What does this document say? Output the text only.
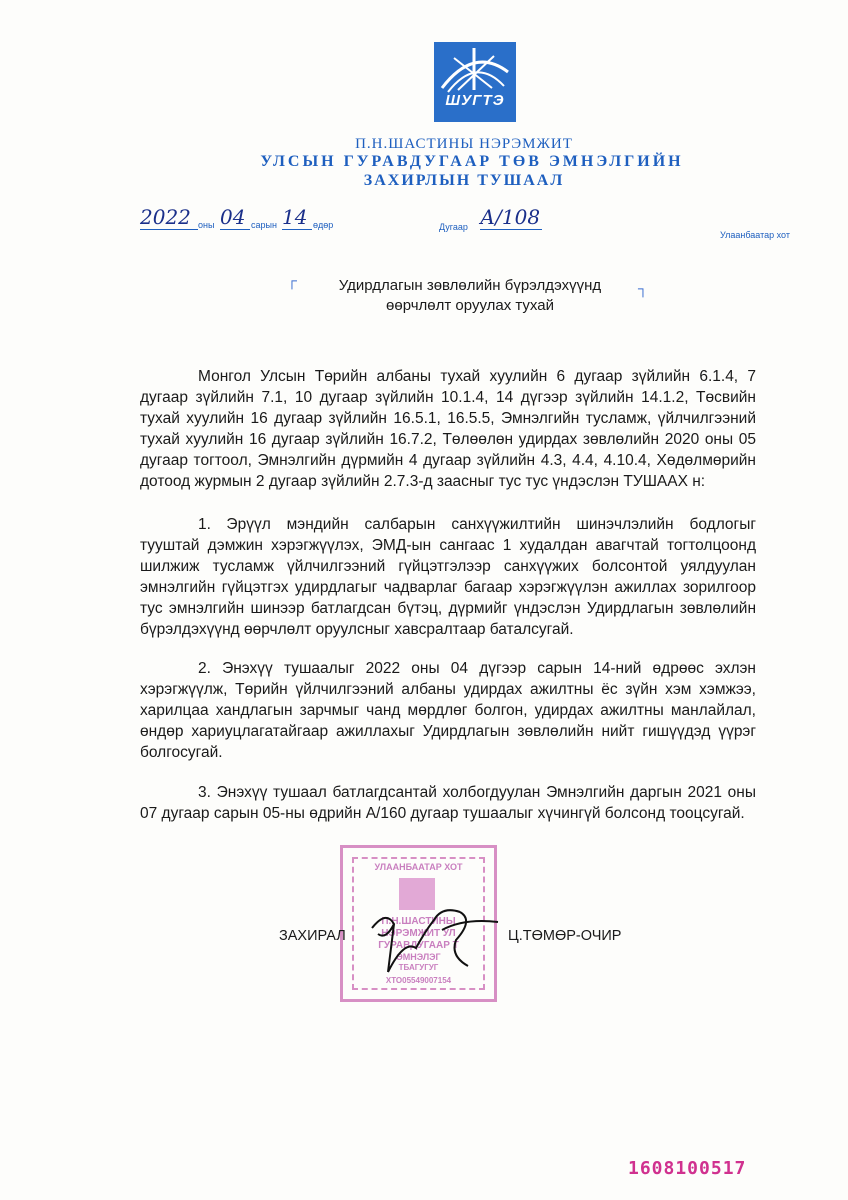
ШУГТЭ
П.Н.ШАСТИНЫ НЭРЭМЖИТ
УЛСЫН ГУРАВДУГААР ТӨВ ЭМНЭЛГИЙН
ЗАХИРЛЫН ТУШААЛ
2022 оны 04 сарын 14 өдөр	Дугаар А/108
Улаанбаатар хот
┌	┐
Удирдлагын зөвлөлийн бүрэлдэхүүнд
өөрчлөлт оруулах тухай
Монгол Улсын Төрийн албаны тухай хуулийн 6 дугаар зүйлийн 6.1.4, 7 дугаар зүйлийн 7.1, 10 дугаар зүйлийн 10.1.4, 14 дүгээр зүйлийн 14.1.2, Төсвийн тухай хуулийн 16 дугаар зүйлийн 16.5.1, 16.5.5, Эмнэлгийн тусламж, үйлчилгээний тухай хуулийн 16 дугаар зүйлийн 16.7.2, Төлөөлөн удирдах зөвлөлийн 2020 оны 05 дугаар тогтоол, Эмнэлгийн дүрмийн 4 дугаар зүйлийн 4.3, 4.4, 4.10.4, Хөдөлмөрийн дотоод журмын 2 дугаар зүйлийн 2.7.3-д заасныг тус тус үндэслэн ТУШААХ н:
1. Эрүүл мэндийн салбарын санхүүжилтийн шинэчлэлийн бодлогыг тууштай дэмжин хэрэгжүүлэх, ЭМД-ын сангаас 1 худалдан авагчтай тогтолцоонд шилжиж тусламж үйлчилгээний гүйцэтгэлээр санхүүжих болсонтой уялдуулан эмнэлгийн гүйцэтгэх удирдлагыг чадварлаг багаар хэрэгжүүлэн ажиллах зорилгоор тус эмнэлгийн шинээр батлагдсан бүтэц, дүрмийг үндэслэн Удирдлагын зөвлөлийн бүрэлдэхүүнд өөрчлөлт оруулсныг хавсралтаар баталсугай.
2. Энэхүү тушаалыг 2022 оны 04 дүгээр сарын 14-ний өдрөөс эхлэн хэрэгжүүлж, Төрийн үйлчилгээний албаны удирдах ажилтны ёс зүйн хэм хэмжээ, харилцаа хандлагын зарчмыг чанд мөрдлөг болгон, удирдах ажилтны манлайлал, өндөр хариуцлагатайгаар ажиллахыг Удирдлагын зөвлөлийн нийт гишүүдэд үүрэг болгосугай.
3. Энэхүү тушаал батлагдсантай холбогдуулан Эмнэлгийн даргын 2021 оны 07 дугаар сарын 05-ны өдрийн А/160 дугаар тушаалыг хүчингүй болсонд тооцсугай.
УЛААНБААТАР ХОТ
П.Н.ШАСТИНЫ
НЭРЭМЖИТ УЛ
ГУРАВДУГААР Т
ЭМНЭЛЭГ
ТБАГУГУГ
ХТО05549007154
ЗАХИРАЛ	Ц.ТӨМӨР-ОЧИР
1608100517
